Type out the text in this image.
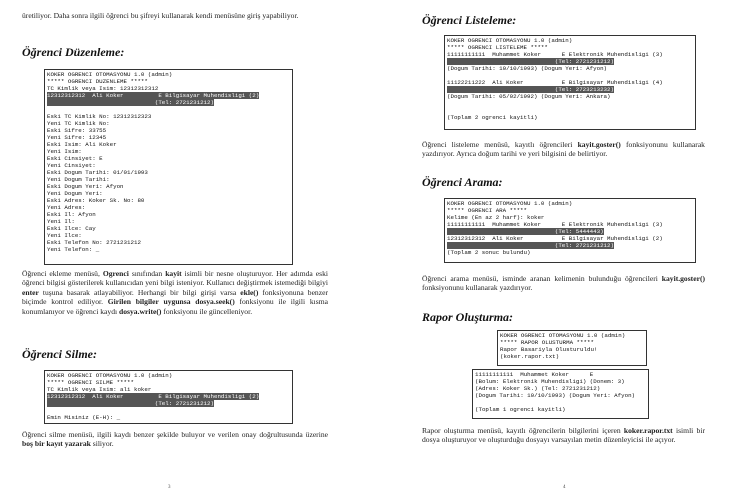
üretiliyor. Daha sonra ilgili öğrenci bu şifreyi kullanarak kendi menüsüne giriş yapabiliyor.

Öğrenci Düzenleme:
KOKER OGRENCI OTOMASYONU 1.0 (admin)
***** OGRENCI DUZENLEME *****
TC Kimlik veya Isim: 12312312312
12312312312  Ali Koker          E Bilgisayar Muhendisligi (2)
(Tel: 2721231212)

Eski TC Kimlik No: 12312312323
Yeni TC Kimlik No:
Eski Sifre: 33755
Yeni Sifre: 12345
Eski Isim: Ali Koker
Yeni Isim:
Eski Cinsiyet: E
Yeni Cinsiyet:
Eski Dogum Tarihi: 01/01/1993
Yeni Dogum Tarihi:
Eski Dogum Yeri: Afyon
Yeni Dogum Yeri:
Eski Adres: Koker Sk. No: 80
Yeni Adres:
Eski Il: Afyon
Yeni Il:
Eski Ilce: Cay
Yeni Ilce:
Eski Telefon No: 2721231212
Yeni Telefon: _

Öğrenci ekleme menüsü, Ogrenci sınıfından kayit isimli bir nesne oluşturuyor. Her adımda eski öğrenci bilgisi gösterilerek kullanıcıdan yeni bilgi isteniyor. Kullanıcı değiştirmek istemediği bilgiyi enter tuşuna basarak atlayabiliyor. Herhangi bir bilgi girişi varsa ekle() fonksiyonuna benzer biçimde kontrol ediliyor. Girilen bilgiler uygunsa dosya.seek() fonksiyonu ile ilgili kısma konumlanıyor ve öğrenci kaydı dosya.write() fonksiyonu ile güncelleniyor.

Öğrenci Silme:
KOKER OGRENCI OTOMASYONU 1.0 (admin)
***** OGRENCI SILME *****
TC Kimlik veya Isim: ali koker
12312312312  Ali Koker          E Bilgisayar Muhendisligi (2)
(Tel: 2721231212)

Emin Misiniz (E-H): _

Öğrenci silme menüsü, ilgili kaydı benzer şekilde buluyor ve verilen onay doğrultusunda üzerine boş bir kayıt yazarak siliyor.

3
Öğrenci Listeleme:
KOKER OGRENCI OTOMASYONU 1.0 (admin)
***** OGRENCI LISTELEME *****
11111111111  Muhammet Koker      E Elektronik Muhendisligi (3)
(Tel: 2721231212)
(Dogum Tarihi: 10/10/1993) (Dogum Yeri: Afyon)

11122211222  Ali Koker           E Bilgisayar Muhendisligi (4)
(Tel: 2723213232)
(Dogum Tarihi: 05/02/1992) (Dogum Yeri: Ankara)

(Toplam 2 ogrenci kayitli)

Öğrenci listeleme menüsü, kayıtlı öğrencileri kayit.goster() fonksiyonunu kullanarak yazdırıyor. Ayrıca doğum tarihi ve yeri bilgisini de belirtiyor.

Öğrenci Arama:
KOKER OGRENCI OTOMASYONU 1.0 (admin)
***** OGRENCI ARA *****
Kelime (En az 2 harf): koker
11111111111  Muhammet Koker      E Elektronik Muhendisligi (3)
(Tel: 5444443)
12312312312  Ali Koker           E Bilgisayar Muhendisligi (2)
(Tel: 2721231212)
(Toplam 2 sonuc bulundu)

Öğrenci arama menüsü, isminde aranan kelimenin bulunduğu öğrencileri kayit.goster() fonksiyonunu kullanarak yazdırıyor.

Rapor Oluşturma:
KOKER OGRENCI OTOMASYONU 1.0 (admin)
***** RAPOR OLUSTURMA *****
Rapor Basariyla Olusturuldu!
(koker.rapor.txt)
11111111111  Muhammet Koker      E
(Bolum: Elektronik Muhendisligi) (Donem: 3)
(Adres: Koker Sk.) (Tel: 2721231212)
(Dogum Tarihi: 10/10/1993) (Dogum Yeri: Afyon)

(Toplam 1 ogrenci kayitli)

Rapor oluşturma menüsü, kayıtlı öğrencilerin bilgilerini içeren koker.rapor.txt isimli bir dosya oluşturuyor ve oluşturduğu dosyayı varsayılan metin düzenleyicisi ile açıyor.

4
